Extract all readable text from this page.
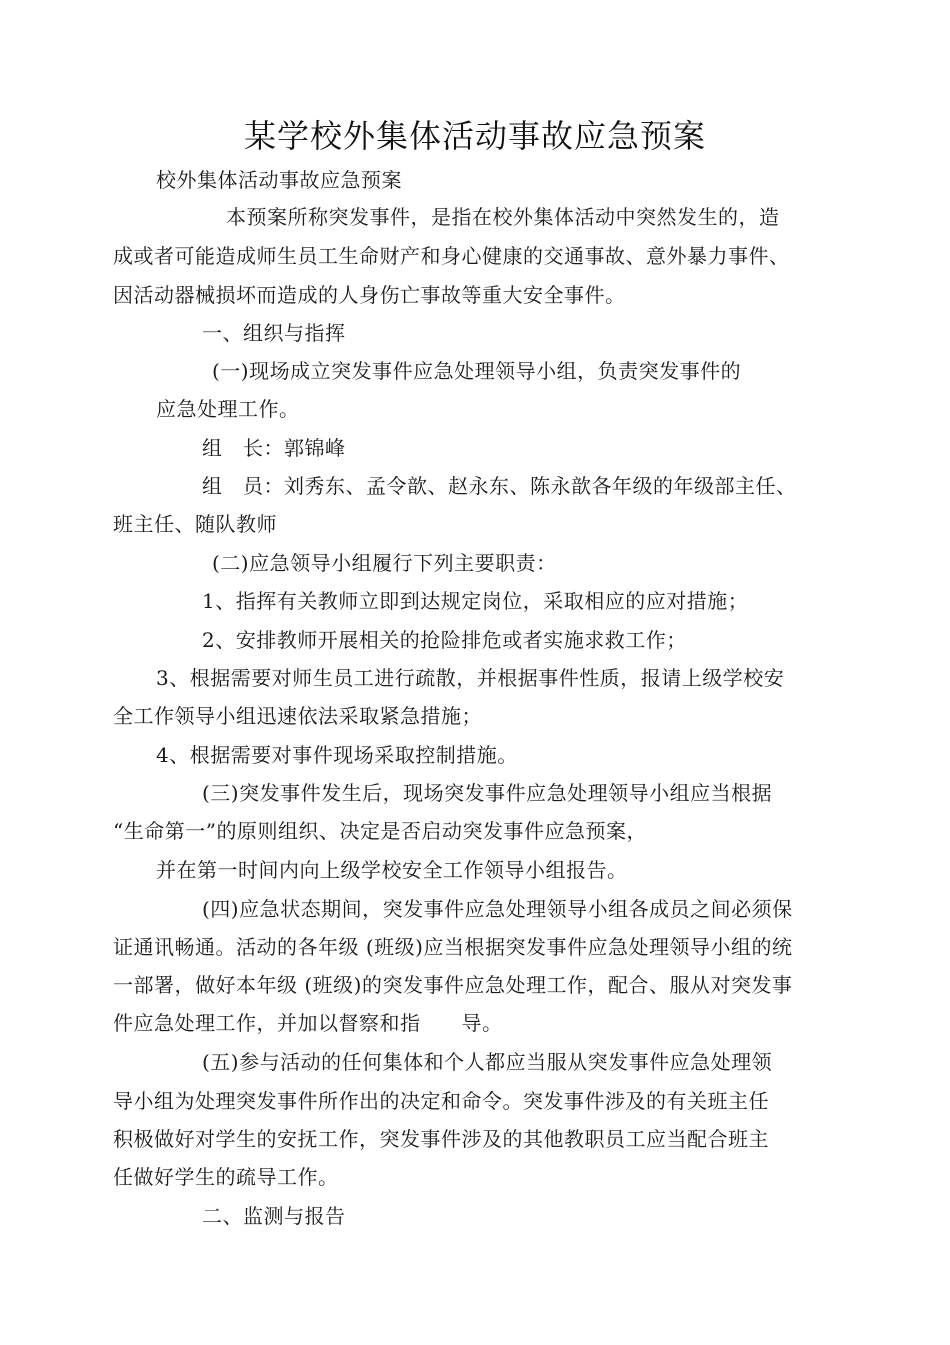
某学校外集体活动事故应急预案
校外集体活动事故应急预案
本预案所称突发事件，是指在校外集体活动中突然发生的，造
成或者可能造成师生员工生命财产和身心健康的交通事故、意外暴力事件、
因活动器械损坏而造成的人身伤亡事故等重大安全事件。
一、组织与指挥
(一)现场成立突发事件应急处理领导小组，负责突发事件的
应急处理工作。
组　长：郭锦峰
组　员：刘秀东、孟令歆、赵永东、陈永歆各年级的年级部主任、
班主任、随队教师
(二)应急领导小组履行下列主要职责：
1、指挥有关教师立即到达规定岗位，采取相应的应对措施；
2、安排教师开展相关的抢险排危或者实施求救工作；
3、根据需要对师生员工进行疏散，并根据事件性质，报请上级学校安
全工作领导小组迅速依法采取紧急措施；
4、根据需要对事件现场采取控制措施。
(三)突发事件发生后，现场突发事件应急处理领导小组应当根据
“生命第一”的原则组织、决定是否启动突发事件应急预案，
并在第一时间内向上级学校安全工作领导小组报告。
(四)应急状态期间，突发事件应急处理领导小组各成员之间必须保
证通讯畅通。活动的各年级 (班级)应当根据突发事件应急处理领导小组的统
一部署，做好本年级 (班级)的突发事件应急处理工作，配合、服从对突发事
件应急处理工作，并加以督察和指　　导。
(五)参与活动的任何集体和个人都应当服从突发事件应急处理领
导小组为处理突发事件所作出的决定和命令。突发事件涉及的有关班主任
积极做好对学生的安抚工作，突发事件涉及的其他教职员工应当配合班主
任做好学生的疏导工作。
二、监测与报告
